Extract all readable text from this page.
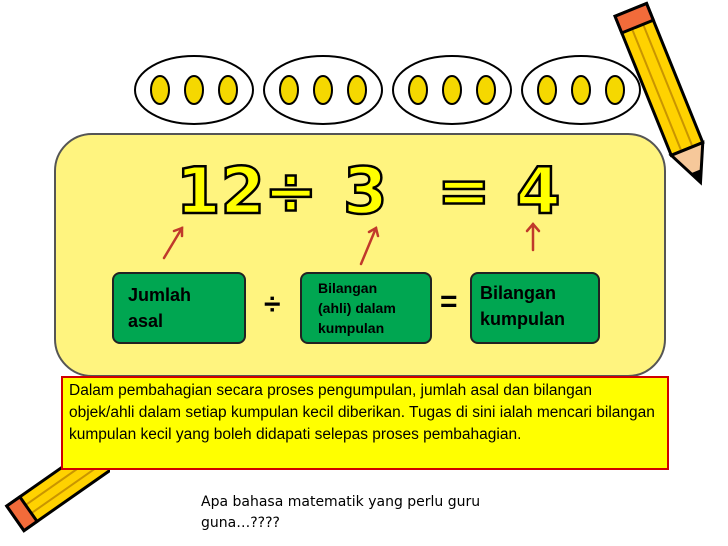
12
÷ 3 = 4
Jumlah asal	÷	Bilangan (ahli) dalam kumpulan
= Bilangan kumpulan
Dalam pembahagian secara proses pengumpulan, jumlah asal dan bilangan objek/ahli dalam setiap kumpulan kecil diberikan. Tugas di sini ialah mencari bilangan kumpulan kecil yang boleh didapati selepas proses pembahagian.
Apa bahasa matematik yang perlu guru guna…????
